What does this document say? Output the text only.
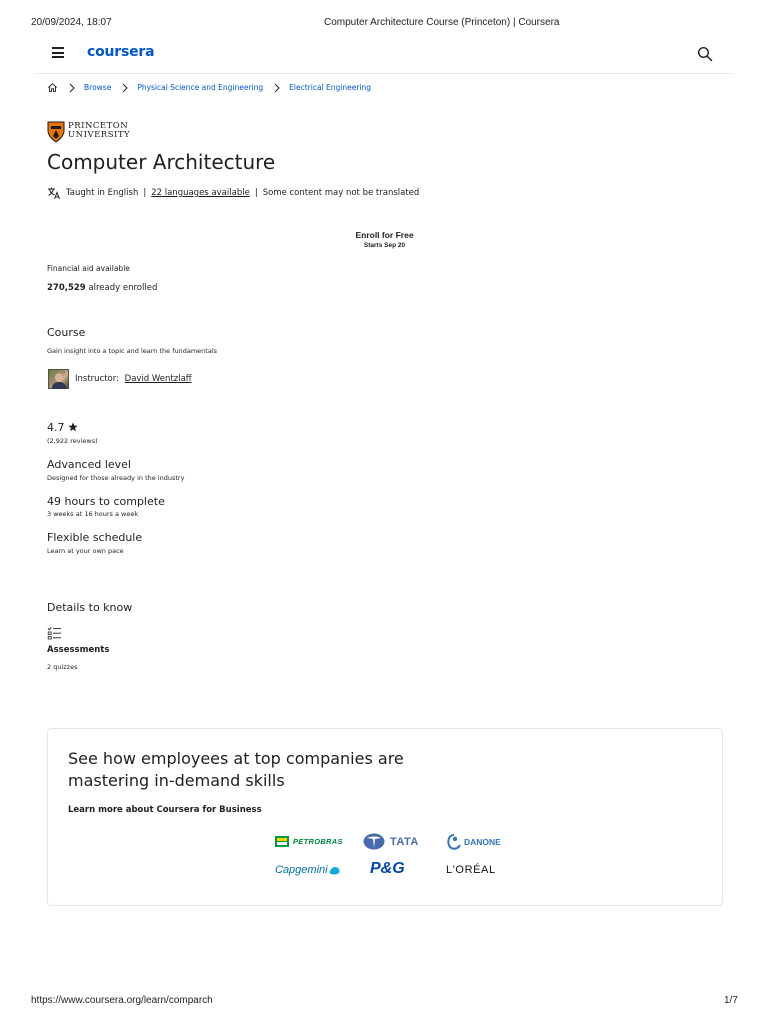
20/09/2024, 18:07	Computer Architecture Course (Princeton) | Coursera
coursera
Browse	Physical Science and Engineering	Electrical Engineering
PRINCETON
UNIVERSITY
Computer Architecture
Taught in English | 22 languages available | Some content may not be translated
Enroll for Free
Starts Sep 20
Financial aid available
270,529 already enrolled
Course
Gain insight into a topic and learn the fundamentals
Instructor: David Wentzlaff
4.7
(2,922 reviews)
Advanced level
Designed for those already in the industry
49 hours to complete
3 weeks at 16 hours a week
Flexible schedule
Learn at your own pace
Details to know
Assessments
2 quizzes
See how employees at top companies are mastering in-demand skills
Learn more about Coursera for Business
PETROBRAS	TATA	DANONE
Capgemini	P&G	L'ORÉAL
https://www.coursera.org/learn/comparch	1/7
